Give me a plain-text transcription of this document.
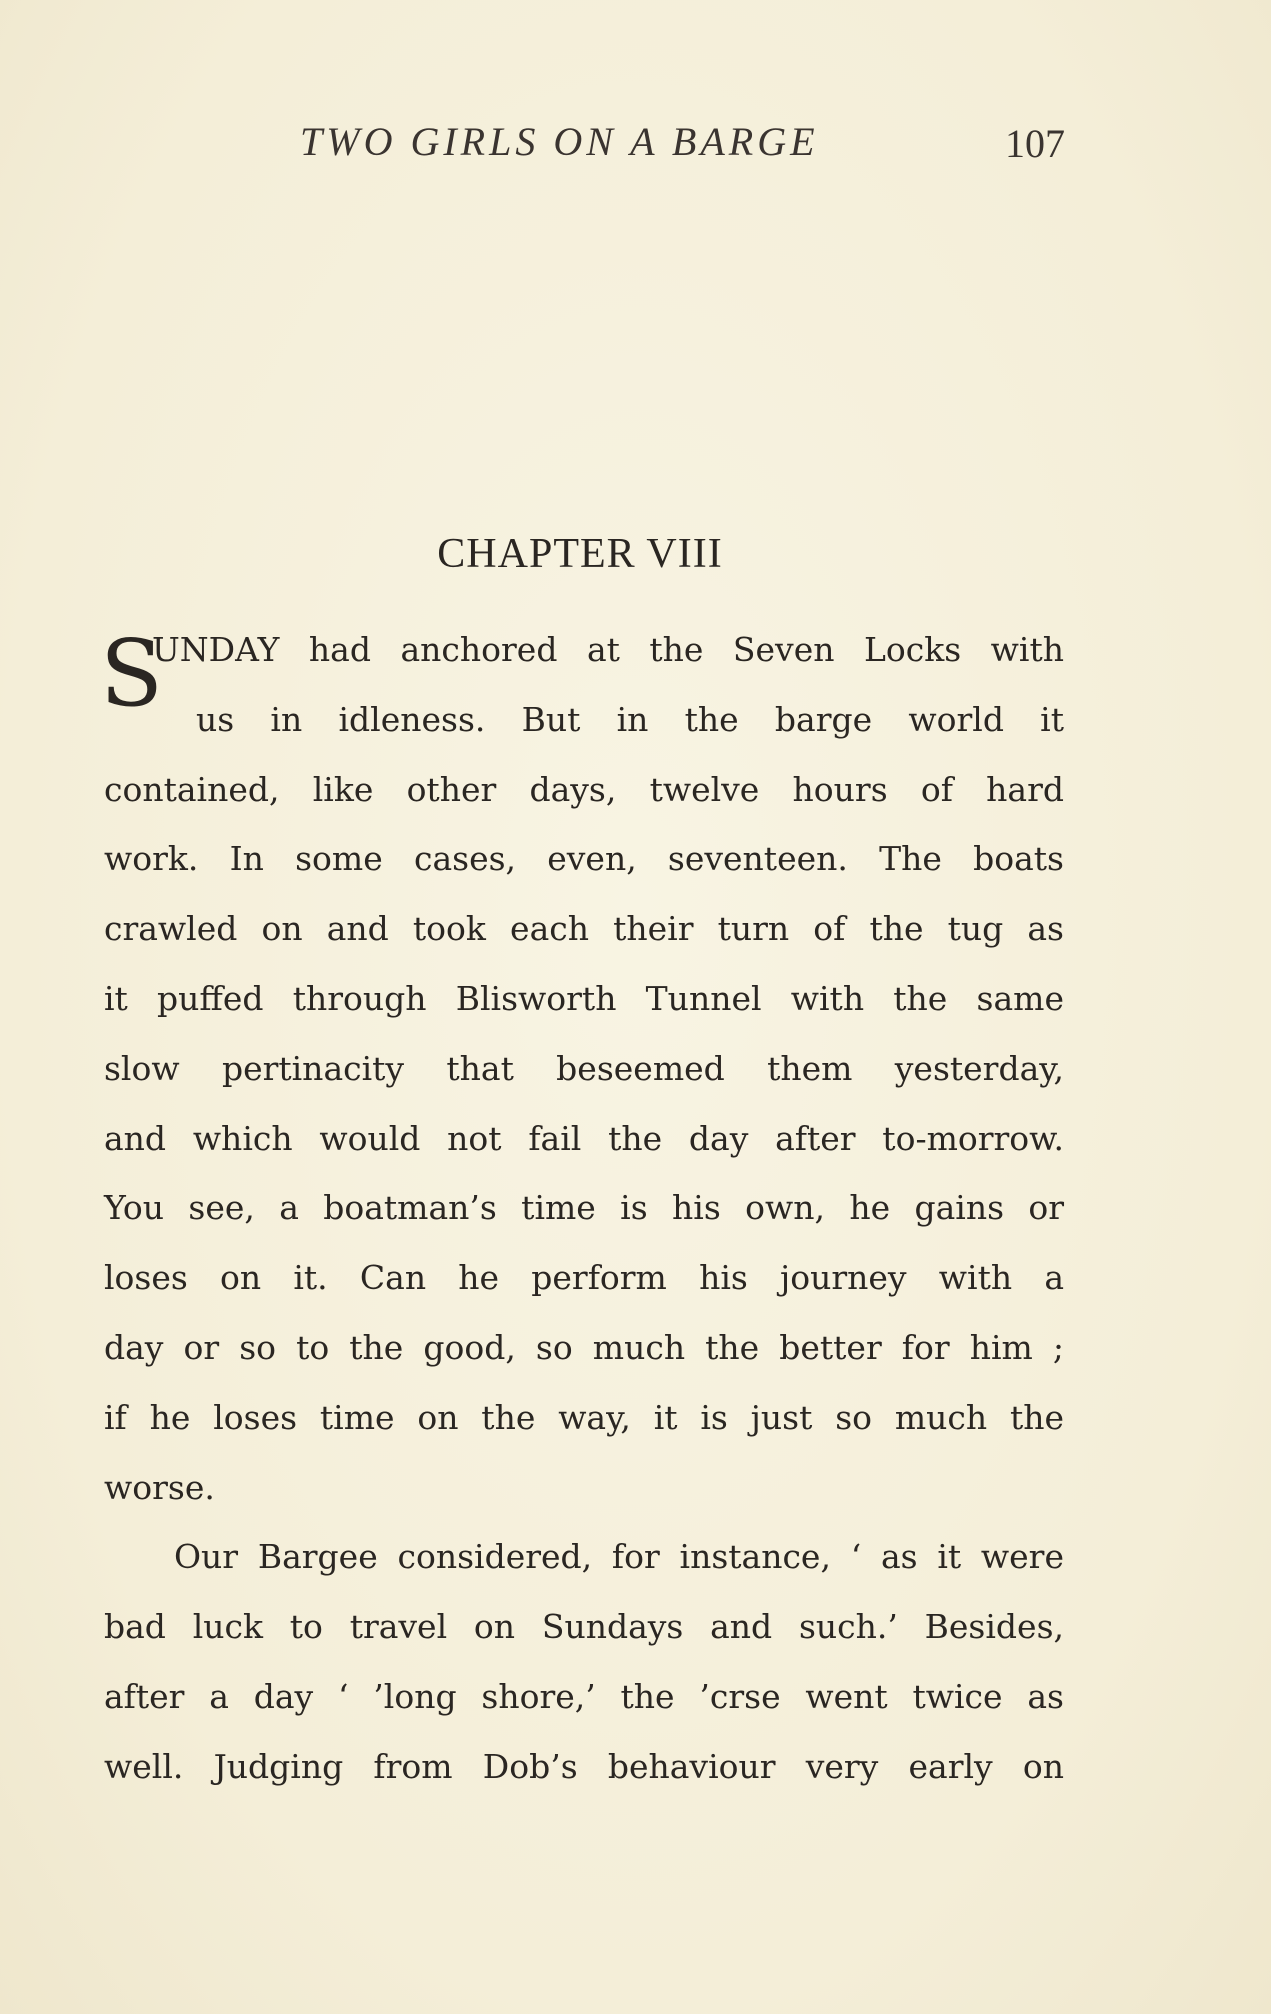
TWO GIRLS ON A BARGE	107
CHAPTER VIII
S
UNDAY had anchored at the Seven Locks with

us in idleness. But in the barge world it
contained, like other days, twelve hours of hard
work. In some cases, even, seventeen. The boats
crawled on and took each their turn of the tug as
it puffed through Blisworth Tunnel with the same
slow pertinacity that beseemed them yesterday,
and which would not fail the day after to-morrow.
You see, a boatman’s time is his own, he gains or
loses on it. Can he perform his journey with a
day or so to the good, so much the better for him ;
if he loses time on the way, it is just so much the
worse.
Our Bargee considered, for instance, ‘ as it were
bad luck to travel on Sundays and such.’ Besides,
after a day ‘ ’long shore,’ the ’crse went twice as
well. Judging from Dob’s behaviour very early on
